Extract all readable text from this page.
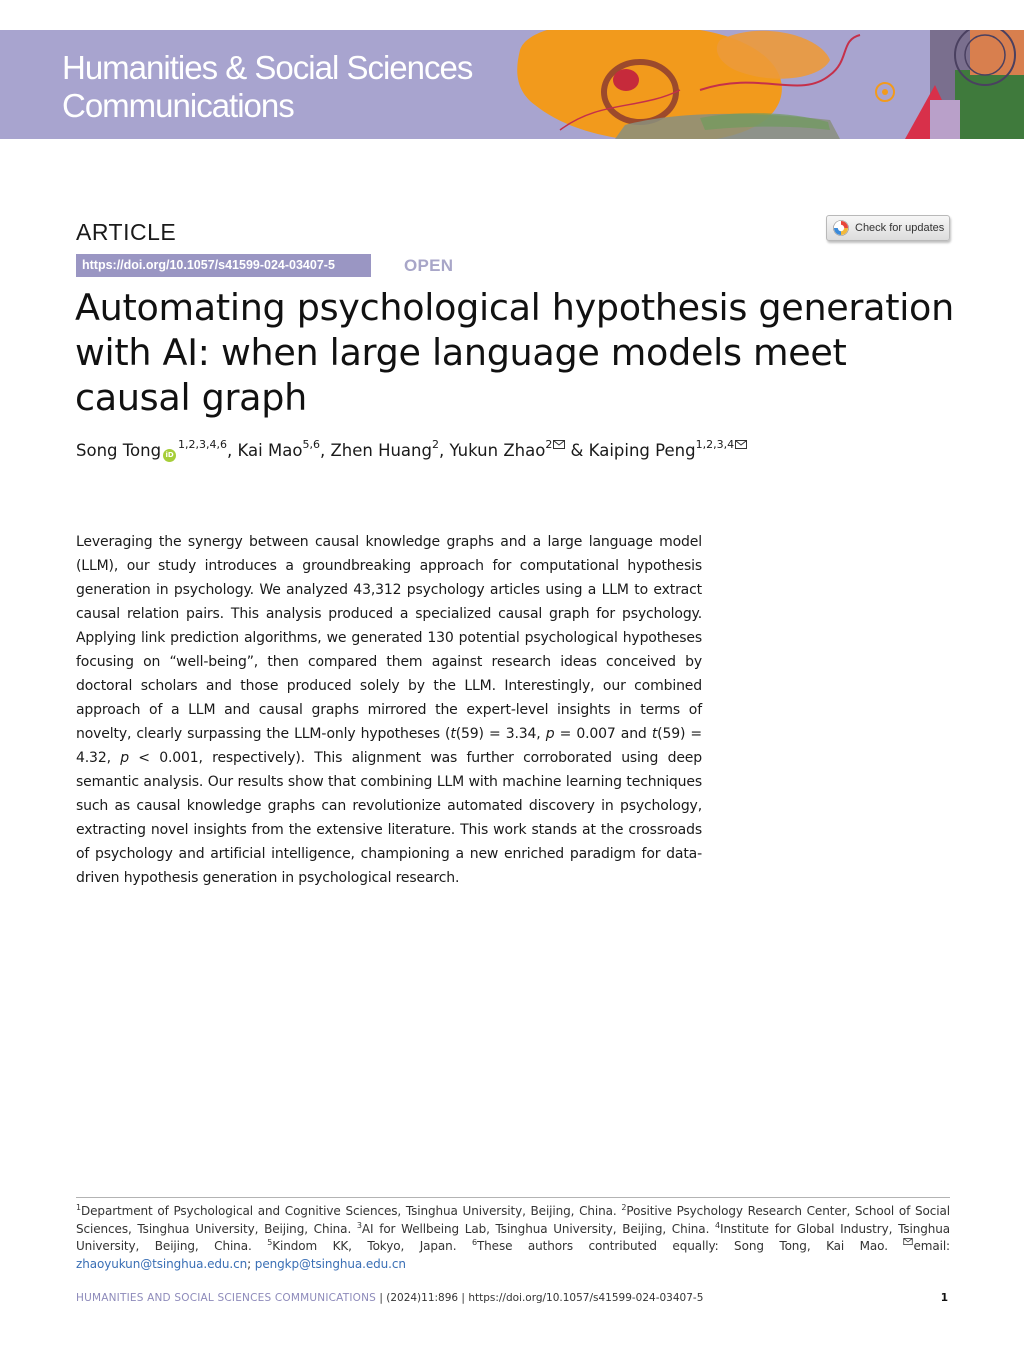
Humanities & Social Sciences

Communications

ARTICLE	Check for updates
https://doi.org/10.1057/s41599-024-03407-5	OPEN

Automating psychological hypothesis generation with AI: when large language models meet causal graph

Song Tong iD$^{1,2,3,4,6}$, Kai Mao$^{5,6}$, Zhen Huang$^2$, Yukun Zhao$^2$ & Kaiping Peng$^{1,2,3,4}$

Leveraging the synergy between causal knowledge graphs and a large language model (LLM), our study introduces a groundbreaking approach for computational hypothesis generation in psychology. We analyzed 43,312 psychology articles using a LLM to extract causal relation pairs. This analysis produced a specialized causal graph for psychology. Applying link prediction algorithms, we generated 130 potential psychological hypotheses focusing on “well-being”, then compared them against research ideas conceived by doctoral scholars and those produced solely by the LLM. Interestingly, our combined approach of a LLM and causal graphs mirrored the expert-level insights in terms of novelty, clearly surpassing the LLM-only hypotheses (t(59) = 3.34, p = 0.007 and t(59) = 4.32, p < 0.001, respectively). This alignment was further corroborated using deep semantic analysis. Our results show that combining LLM with machine learning techniques such as causal knowledge graphs can revolutionize automated discovery in psychology, extracting novel insights from the extensive literature. This work stands at the crossroads of psychology and artificial intelligence, championing a new enriched paradigm for data-driven hypothesis generation in psychological research.

$^1$Department of Psychological and Cognitive Sciences, Tsinghua University, Beijing, China. $^2$Positive Psychology Research Center, School of Social Sciences, Tsinghua University, Beijing, China. $^3$AI for Wellbeing Lab, Tsinghua University, Beijing, China. $^4$Institute for Global Industry, Tsinghua University, Beijing, China. $^5$Kindom KK, Tokyo, Japan. $^6$These authors contributed equally: Song Tong, Kai Mao. email: zhaoyukun@tsinghua.edu.cn; pengkp@tsinghua.edu.cn

HUMANITIES AND SOCIAL SCIENCES COMMUNICATIONS | (2024)11:896 | https://doi.org/10.1057/s41599-024-03407-5	1
